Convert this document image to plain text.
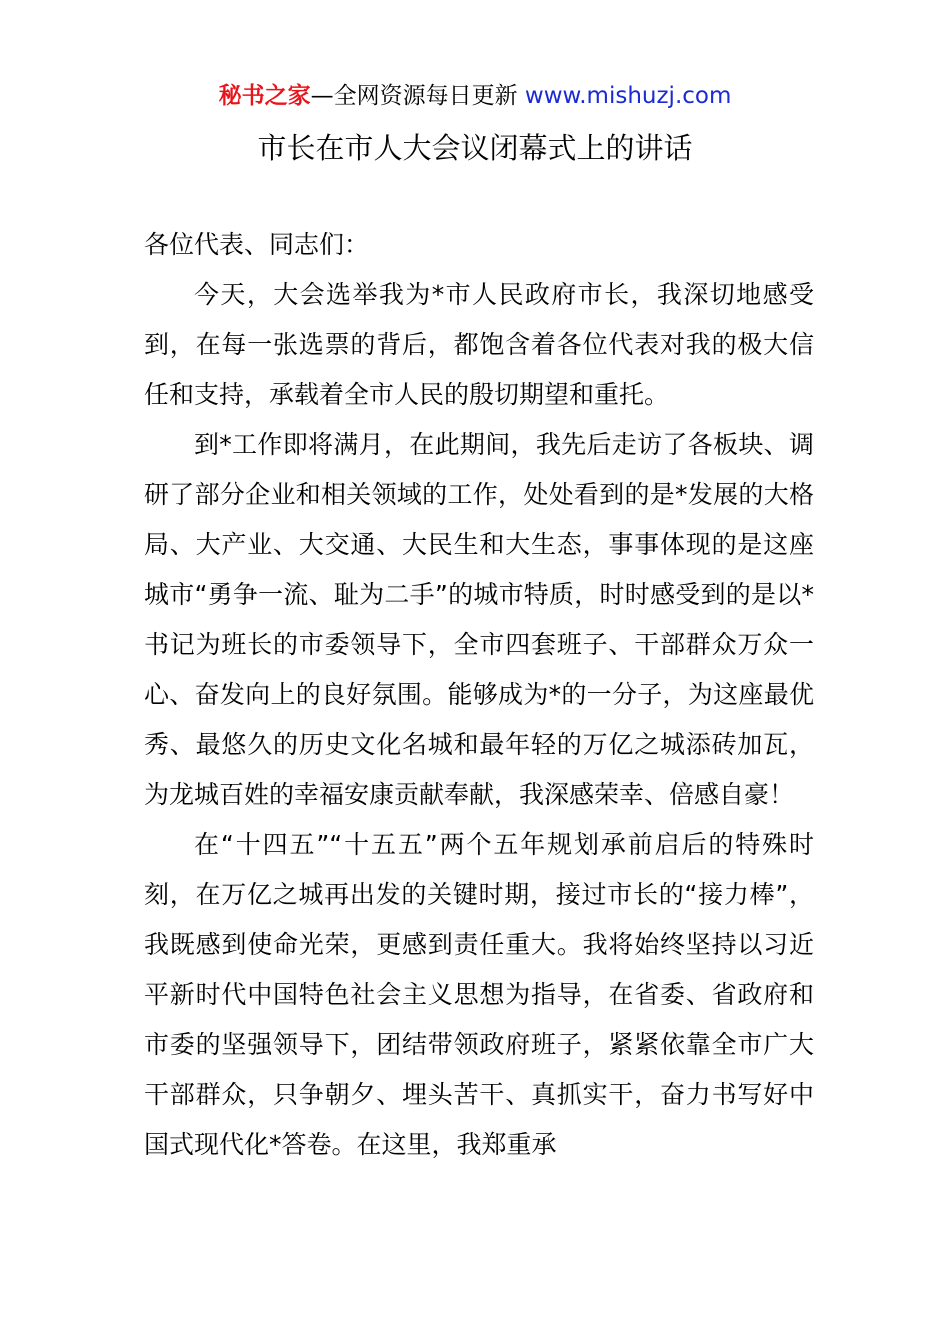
秘书之家—全网资源每日更新 www.mishuzj.com
市长在市人大会议闭幕式上的讲话

各位代表、同志们：

今天，大会选举我为*市人民政府市长，我深切地感受到，在每一张选票的背后，都饱含着各位代表对我的极大信任和支持，承载着全市人民的殷切期望和重托。

到*工作即将满月，在此期间，我先后走访了各板块、调研了部分企业和相关领域的工作，处处看到的是*发展的大格局、大产业、大交通、大民生和大生态，事事体现的是这座城市“勇争一流、耻为二手”的城市特质，时时感受到的是以*书记为班长的市委领导下，全市四套班子、干部群众万众一心、奋发向上的良好氛围。能够成为*的一分子，为这座最优秀、最悠久的历史文化名城和最年轻的万亿之城添砖加瓦，为龙城百姓的幸福安康贡献奉献，我深感荣幸、倍感自豪！

在“十四五”“十五五”两个五年规划承前启后的特殊时刻，在万亿之城再出发的关键时期，接过市长的“接力棒”，我既感到使命光荣，更感到责任重大。我将始终坚持以习近平新时代中国特色社会主义思想为指导，在省委、省政府和市委的坚强领导下，团结带领政府班子，紧紧依靠全市广大干部群众，只争朝夕、埋头苦干、真抓实干，奋力书写好中国式现代化*答卷。在这里，我郑重承
